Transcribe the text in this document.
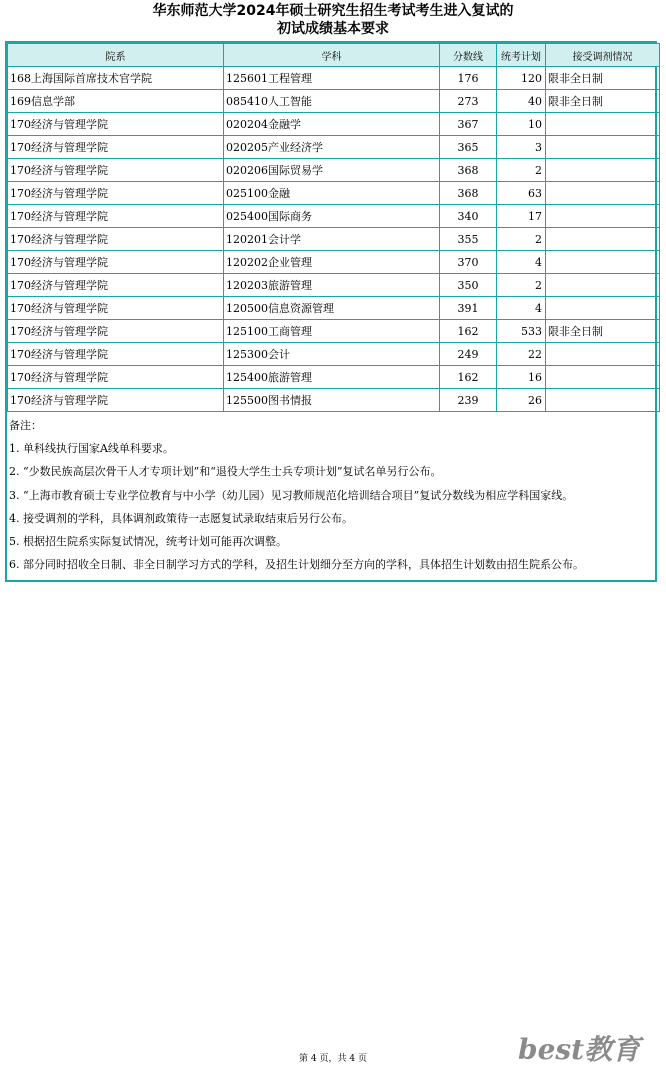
华东师范大学2024年硕士研究生招生考试考生进入复试的
初试成绩基本要求
院系	学科	分数线	统考计划	接受调剂情况
168上海国际首席技术官学院	125601工程管理	176	120	限非全日制
169信息学部	085410人工智能	273	40	限非全日制
170经济与管理学院	020204金融学	367	10	
170经济与管理学院	020205产业经济学	365	3	
170经济与管理学院	020206国际贸易学	368	2	
170经济与管理学院	025100金融	368	63	
170经济与管理学院	025400国际商务	340	17	
170经济与管理学院	120201会计学	355	2	
170经济与管理学院	120202企业管理	370	4	
170经济与管理学院	120203旅游管理	350	2	
170经济与管理学院	120500信息资源管理	391	4	
170经济与管理学院	125100工商管理	162	533	限非全日制
170经济与管理学院	125300会计	249	22	
170经济与管理学院	125400旅游管理	162	16	
170经济与管理学院	125500图书情报	239	26	
备注：
1. 单科线执行国家A线单科要求。
2. “少数民族高层次骨干人才专项计划”和“退役大学生士兵专项计划”复试名单另行公布。
3. “上海市教育硕士专业学位教育与中小学（幼儿园）见习教师规范化培训结合项目”复试分数线为相应学科国家线。
4. 接受调剂的学科，具体调剂政策待一志愿复试录取结束后另行公布。
5. 根据招生院系实际复试情况，统考计划可能再次调整。
6. 部分同时招收全日制、非全日制学习方式的学科，及招生计划细分至方向的学科，具体招生计划数由招生院系公布。
第 4 页，共 4 页	best教育
